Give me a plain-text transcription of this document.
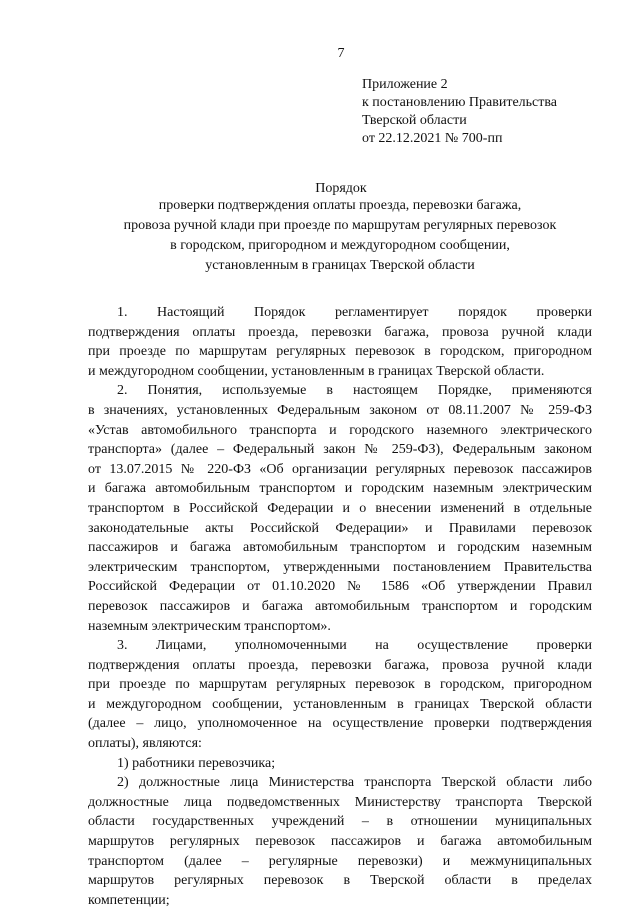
7
Приложение 2
к постановлению Правительства
Тверской области
от 22.12.2021 № 700-пп
Порядок
проверки подтверждения оплаты проезда, перевозки багажа,
провоза ручной клади при проезде по маршрутам регулярных перевозок
в городском, пригородном и междугородном сообщении,
установленным в границах Тверской области
1. Настоящий Порядок регламентирует порядок проверки
подтверждения оплаты проезда, перевозки багажа, провоза ручной клади
при проезде по маршрутам регулярных перевозок в городском, пригородном
и междугородном сообщении, установленным в границах Тверской области.
2. Понятия, используемые в настоящем Порядке, применяются
в значениях, установленных Федеральным законом от 08.11.2007 № 259-ФЗ
«Устав автомобильного транспорта и городского наземного электрического
транспорта» (далее – Федеральный закон № 259-ФЗ), Федеральным законом
от 13.07.2015 № 220-ФЗ «Об организации регулярных перевозок пассажиров
и багажа автомобильным транспортом и городским наземным электрическим
транспортом в Российской Федерации и о внесении изменений в отдельные
законодательные акты Российской Федерации» и Правилами перевозок
пассажиров и багажа автомобильным транспортом и городским наземным
электрическим транспортом, утвержденными постановлением Правительства
Российской Федерации от 01.10.2020 № 1586 «Об утверждении Правил
перевозок пассажиров и багажа автомобильным транспортом и городским
наземным электрическим транспортом».
3. Лицами, уполномоченными на осуществление проверки
подтверждения оплаты проезда, перевозки багажа, провоза ручной клади
при проезде по маршрутам регулярных перевозок в городском, пригородном
и междугородном сообщении, установленным в границах Тверской области
(далее – лицо, уполномоченное на осуществление проверки подтверждения
оплаты), являются:
1) работники перевозчика;
2) должностные лица Министерства транспорта Тверской области либо
должностные лица подведомственных Министерству транспорта Тверской
области государственных учреждений – в отношении муниципальных
маршрутов регулярных перевозок пассажиров и багажа автомобильным
транспортом (далее – регулярные перевозки) и межмуниципальных
маршрутов регулярных перевозок в Тверской области в пределах
компетенции;
